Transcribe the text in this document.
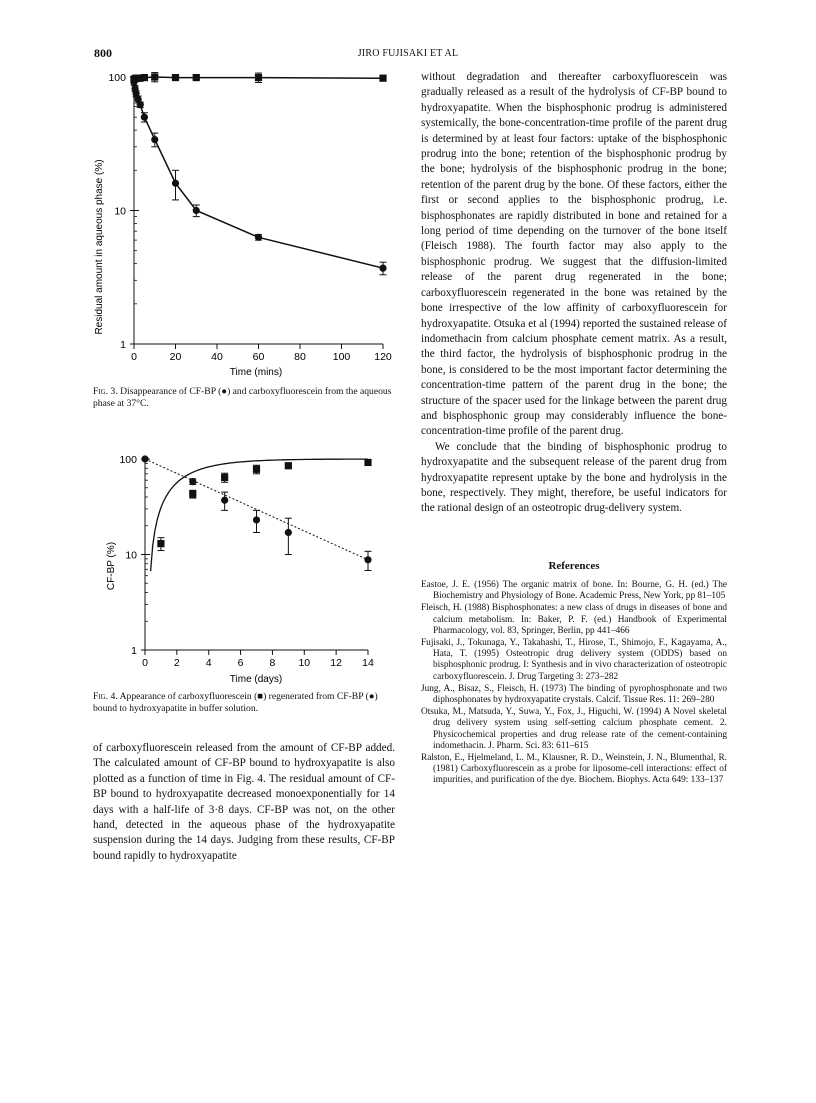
800	JIRO FUJISAKI ET AL
0	20	40	60	80	100 120
1
10
100
Residual amount in aqueous phase (%)
Time (mins)
Fig. 3. Disappearance of CF-BP (●) and carboxyfluorescein from the aqueous phase at 37°C.
0 2 4 6 8 10 12 14
1
10
100
CF-BP (%)
Time (days)
Fig. 4. Appearance of carboxyfluorescein (■) regenerated from CF-BP (●) bound to hydroxyapatite in buffer solution.

of carboxyfluorescein released from the amount of CF-BP added. The calculated amount of CF-BP bound to hydroxyapatite is also plotted as a function of time in Fig. 4. The residual amount of CF-BP bound to hydroxyapatite decreased monoexponentially for 14 days with a half-life of 3·8 days. CF-BP was not, on the other hand, detected in the aqueous phase of the hydroxyapatite suspension during the 14 days. Judging from these results, CF-BP bound rapidly to hydroxyapatite

without degradation and thereafter carboxyfluorescein was gradually released as a result of the hydrolysis of CF-BP bound to hydroxyapatite. When the bisphosphonic prodrug is administered systemically, the bone-concentration-time profile of the parent drug is determined by at least four factors: uptake of the bisphosphonic prodrug into the bone; retention of the bisphosphonic prodrug by the bone; hydrolysis of the bisphosphonic prodrug in the bone; retention of the parent drug by the bone. Of these factors, either the first or second applies to the bisphosphonic prodrug, i.e. bisphosphonates are rapidly distributed in bone and retained for a long period of time depending on the turnover of the bone itself (Fleisch 1988). The fourth factor may also apply to the bisphosphonic prodrug. We suggest that the diffusion-limited release of the parent drug regenerated in the bone; carboxyfluorescein regenerated in the bone was retained by the bone irrespective of the low affinity of carboxyfluorescein for hydroxyapatite. Otsuka et al (1994) reported the sustained release of indomethacin from calcium phosphate cement matrix. As a result, the third factor, the hydrolysis of bisphosphonic prodrug in the bone, is considered to be the most important factor determining the concentration-time pattern of the parent drug in the bone; the structure of the spacer used for the linkage between the parent drug and bisphosphonic group may considerably influence the bone-concentration-time profile of the parent drug.

We conclude that the binding of bisphosphonic prodrug to hydroxyapatite and the subsequent release of the parent drug from hydroxyapatite represent uptake by the bone and hydrolysis in the bone, respectively. They might, therefore, be useful indicators for the rational design of an osteotropic drug-delivery system.

References
Eastoe, J. E. (1956) The organic matrix of bone. In: Bourne, G. H. (ed.) The Biochemistry and Physiology of Bone. Academic Press, New York, pp 81–105
Fleisch, H. (1988) Bisphosphonates: a new class of drugs in diseases of bone and calcium metabolism. In: Baker, P. F. (ed.) Handbook of Experimental Pharmacology, vol. 83, Springer, Berlin, pp 441–466
Fujisaki, J., Tokunaga, Y., Takahashi, T., Hirose, T., Shimojo, F., Kagayama, A., Hata, T. (1995) Osteotropic drug delivery system (ODDS) based on bisphosphonic prodrug. I: Synthesis and in vivo characterization of osteotropic carboxyfluorescein. J. Drug Targeting 3: 273–282
Jung, A., Bisaz, S., Fleisch, H. (1973) The binding of pyrophosphonate and two diphosphonates by hydroxyapatite crystals. Calcif. Tissue Res. 11: 269–280
Otsuka, M., Matsuda, Y., Suwa, Y., Fox, J., Higuchi, W. (1994) A Novel skeletal drug delivery system using self-setting calcium phosphate cement. 2. Physicochemical properties and drug release rate of the cement-containing indomethacin. J. Pharm. Sci. 83: 611–615
Ralston, E., Hjelmeland, L. M., Klausner, R. D., Weinstein, J. N., Blumenthal, R. (1981) Carboxyfluorescein as a probe for liposome-cell interactions: effect of impurities, and purification of the dye. Biochem. Biophys. Acta 649: 133–137
